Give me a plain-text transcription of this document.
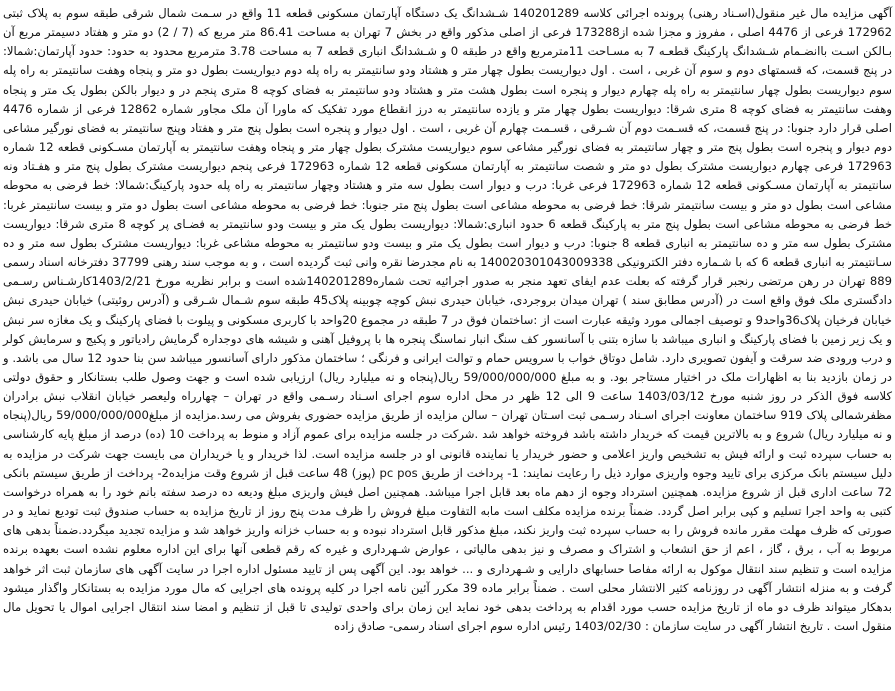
آگهی مزایده مال غیر منقول(اسـناد رهنی) پرونده اجرائی کلاسه 140201289 شـشدانگ یک دستگاه آپارتمان مسکونی قطعه 11 واقع در سـمت شمال شرقی طبقه سوم به پلاک ثبتی 172962 فرعی از 4476 اصلی ، مفروز و مجزا شده از173288 فرعی از اصلی مذکور واقع در بخش 7 تهران به مساحت 86.41 متر مربع که (7 / 2) دو متر و هفتاد دسیمتر مربع آن بـالکن اسـت باانضـمام شـشدانگ پارکینگ قطعـه 7 به مسـاحت 11مترمربع واقع در طبقه 0 و شـشدانگ انباری قطعه 7 به مساحت 3.78 مترمربع محدود به حدود: حدود آپارتمان:شمالا: در پنج قسمت، که قسمتهای دوم و سوم آن غربی ، است . اول دیواریست بطول چهار متر و هشتاد ودو سانتیمتر به راه پله دوم دیواریست بطول دو متر و پنجاه وهفت سانتیمتر به راه پله سوم دیواریست بطول چهار سانتیمتر به راه پله چهارم دیوار و پنجره است بطول هشت متر و هشتاد ودو سانتیمتر به فضای کوچه 8 متری پنجم در و دیوار بالکن بطول یک متر و پنجاه وهفت سانتیمتر به فضای کوچه 8 متری شرقا: دیواریست بطول چهار متر و یازده سانتیمتر به درز انقطاع مورد تفکیک که ماورا آن ملک مجاور شماره 12862 فرعی از شماره 4476 اصلی قرار دارد جنوبا: در پنج قسمت، که قسـمت دوم آن شـرقی ، قسـمت چهارم آن غربی ، است . اول دیوار و پنجره است بطول پنج متر و هفتاد وپنج سانتیمتر به فضای نورگیر مشاعی دوم دیوار و پنجره است بطول پنج متر و چهار سانتیمتر به فضای نورگیر مشاعی سوم دیواریست مشترک بطول چهار متر و پنجاه وهفت سانتیمتر به آپارتمان مسـکونی قطعه 12 شماره 172963 فرعی چهارم دیواریست مشترک بطول دو متر و شصت سانتیمتر به آپارتمان مسکونی قطعه 12 شماره 172963 فرعی پنجم دیواریست مشترک بطول پنج متر و هفـتاد ونه سانتیمتر به آپارتمان مسـکونی قطعه 12 شماره 172963 فرعی غربا: درب و دیوار است بطول سه متر و هشتاد وچهار سانتیمتر به راه پله حدود پارکینگ:شمالا: خط فرضی به محوطه مشاعی است بطول دو متر و بیست سانتیمتر شرقا: خط فرضی به محوطه مشاعی است بطول پنج متر جنوبا: خط فرضی به محوطه مشاعی است بطول دو متر و بیست سانتیمتر غربا: خط فرضی به محوطه مشاعی است بطول پنج متر به پارکینگ قطعه 6 حدود انباری:شمالا: دیواریست بطول یک متر و بیست ودو سانتیمتر به فضـای پر کوچه 8 متری شرقا: دیواریست مشترک بطول سه متر و ده سانتیمتر به انباری قطعه 8 جنوبا: درب و دیوار است بطول یک متر و بیست ودو سانتیمتر به محوطه مشاعی غربا: دیواریست مشترک بطول سه متر و ده سـانتیمتر به انباری قطعه 6 که با شـماره دفتر الکترونیکی 140020301043009338 به نام مجدرضا نقره وانی ثبت گردیده است ، و به موجب سند رهنی 37799 دفترخانه اسناد رسمی 889 تهران در رهن مرتضی رنجبر قرار گرفته که بعلت عدم ایفای تعهد منجر به صدور اجرائیه تحت شماره140201289شده است و برابر نظریه مورخ 1403/2/21کارشـناس رسـمی دادگستری ملک فوق واقع است در (آدرس مطابق سند ) تهران میدان بروجردی، خیابان حیدری نبش کوچه چوبینه پلاک45 طبقه سوم شـمال شـرقی و (آدرس روئیتی) خیابان حیدری نبش خیابان فرخیان پلاک36واحد9 و توصیف اجمالی مورد وثیقه عبارت است از :ساختمان فوق در 7 طبقه در مجموع 20واحد با کاربری مسکونی و پیلوت با فضای پارکینگ و یک مغازه سر نبش و یک زیر زمین با فضای پارکینگ و انباری میباشد با سازه بتنی با آسانسور کف سنگ انبار نماسنگ پنجره ها با پروفیل آهنی و شیشه های دوجداره گرمایش رادیاتور و پکیج و سرمایش کولر و درب ورودی ضد سرقت و آیفون تصویری دارد. شامل دوتاق خواب با سرویس حمام و توالت ایرانی و فرنگی ؛ ساختمان مذکور دارای آسانسور میباشد سن بنا حدود 12 سال می باشد. و در زمان بازدید بنا به اظهارات ملک در اختیار مستاجر بود. و به مبلغ 59/000/000/000 ریال(پنجاه و نه میلیارد ریال) ارزیابی شده است و جهت وصول طلب بستانکار و حقوق دولتی کلاسه فوق الذکر در روز شنبه مورخ 1403/03/12 ساعت 9 الی 12 ظهر در محل اداره سوم اجرای اسـناد رسـمی واقع در تهران – چهارراه ولیعصر خیابان انقلاب نبش برادران مظفرشمالی پلاک 919 ساختمان معاونت اجرای اسـناد رسـمی ثبت اسـتان تهران – سالن مزایده از طریق مزایده حضوری بفروش می رسد.مزایده از مبلغ59/000/000/000 ریال(پنجاه و نه میلیارد ریال) شروع و به بالاترین قیمت که خریدار داشته باشد فروخته خواهد شد .شرکت در جلسه مزایده برای عموم آزاد و منوط به پرداخت 10 (ده) درصد از مبلغ پایه کارشناسی به حساب سپرده ثبت و ارائه فیش به تشخیص واریز اعلامی و حضور خریدار یا نماینده قانونی او در جلسه مزایده است. لذا خریدار و یا خریداران می بایست جهت شرکت در مزایده به دلیل سیستم بانک مرکزی برای تایید وجوه واریزی موارد ذیل را رعایت نمایند: 1- پرداخت از طریق pc pos (پوز) 48 ساعت قبل از شروع وقت مزایده2- پرداخت از طریق سیستم بانکی 72 ساعت اداری قبل از شروع مزایده. همچنین استرداد وجوه از دهم ماه بعد قابل اجرا میباشد. همچنین اصل فیش واریزی مبلغ ودیعه ده درصد سفته بانم خود را به همراه درخواست کتبی به واحد اجرا تسلیم و کپی برابر اصل گردد. ضمناً برنده مزایده مکلف است مابه التفاوت مبلغ فروش را ظرف مدت پنج روز از تاریخ مزایده به حساب صندوق ثبت توديع نمايد و در صورتی که ظرف مهلت مقرر مانده فروش را به حساب سپرده ثبت واریز نکند، مبلغ مذکور قابل استرداد نبوده و به حساب خزانه واریز خواهد شد و مزایده تجدید میگردد.ضمناً بدهی های مربوط به آب ، برق ، گاز ، اعم از حق انشعاب و اشتراک و مصرف و نیز بدهی مالیاتی ، عوارض شـهرداری و غیره که رقم قطعی آنها برای این اداره معلوم نشده است بعهده برنده مزایده است و تنظیم سند انتقال موکول به ارائه مفاصا حسابهای دارایی و شـهرداری و ... خواهد بود. این آگهی پس از تایید مسئول اداره اجرا در سایت آگهی های سازمان ثبت اثر خواهد گرفت و به منزله انتشار آگهی در روزنامه کثیر الانتشار محلی است . ضمناً برابر ماده 39 مکرر آئین نامه اجرا در کلیه پرونده های اجرایی که مال مورد مزایده به بستانکار واگذار میشود بدهکار میتواند ظرف دو ماه از تاریخ مزایده حسب مورد اقدام به پرداخت بدهی خود نماید این زمان برای واحدی تولیدی تا قبل از تنظیم و امضا سند انتقال اجرایی اموال یا تحویل مال منقول است . تاریخ انتشار آگهی در سایت سازمان : 1403/02/30 رئیس اداره سوم اجرای اسناد رسمی- صادق زاده
